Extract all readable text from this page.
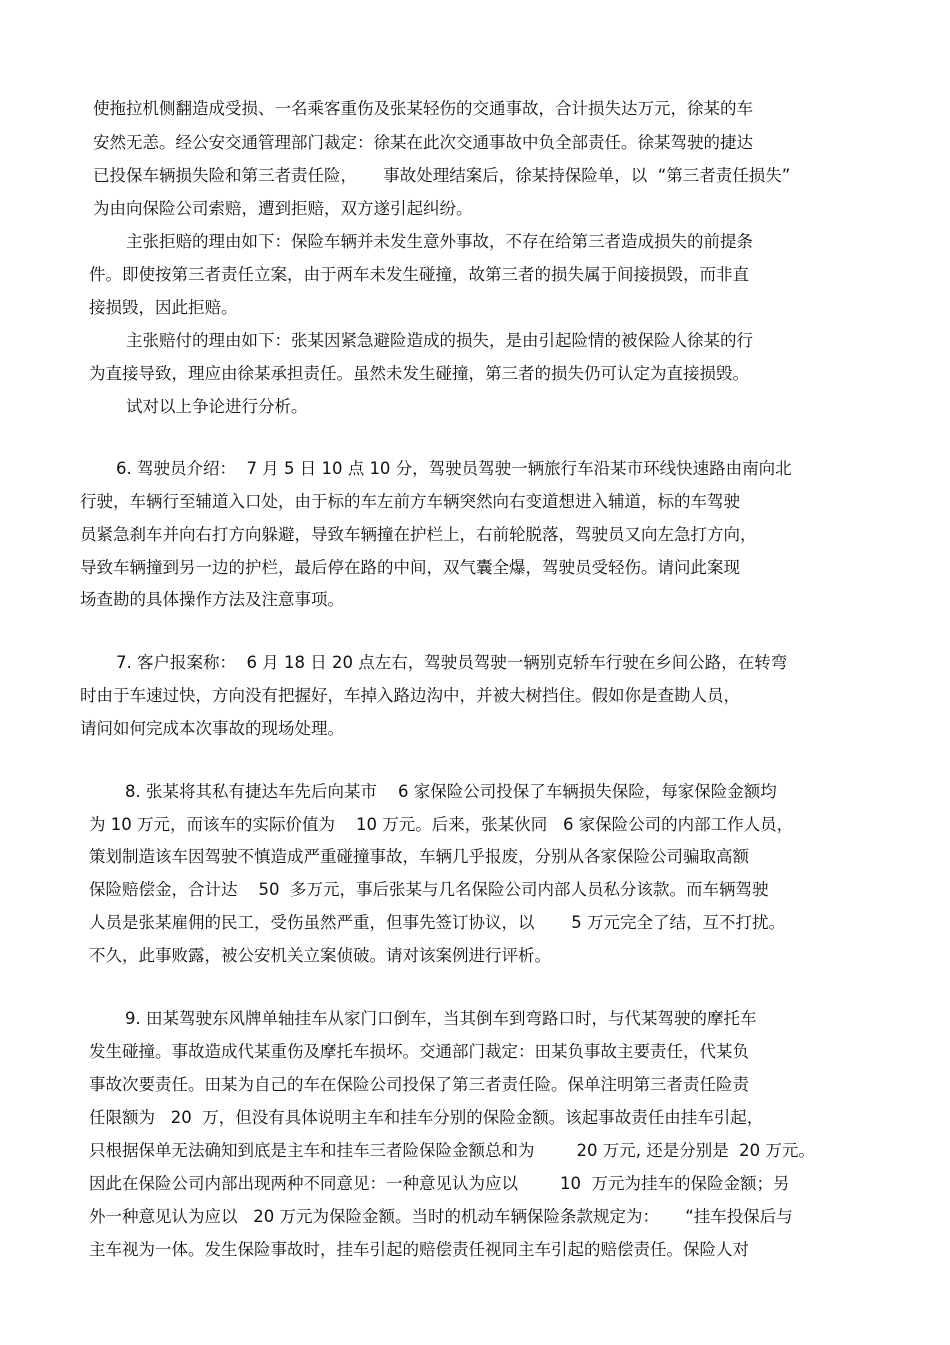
使拖拉机侧翻造成受损、一名乘客重伤及张某轻伤的交通事故，合计损失达万元，徐某的车
安然无恙。经公安交通管理部门裁定：徐某在此次交通事故中负全部责任。徐某驾驶的捷达
已投保车辆损失险和第三者责任险，     事故处理结案后，徐某持保险单，以  “第三者责任损失”
为由向保险公司索赔，遭到拒赔，双方遂引起纠纷。
主张拒赔的理由如下：保险车辆并未发生意外事故，不存在给第三者造成损失的前提条
件。即使按第三者责任立案，由于两车未发生碰撞，故第三者的损失属于间接损毁，而非直
接损毁，因此拒赔。
主张赔付的理由如下：张某因紧急避险造成的损失，是由引起险情的被保险人徐某的行
为直接导致，理应由徐某承担责任。虽然未发生碰撞，第三者的损失仍可认定为直接损毁。
试对以上争论进行分析。
6. 驾驶员介绍：  7 月 5 日 10 点 10 分，驾驶员驾驶一辆旅行车沿某市环线快速路由南向北
行驶，车辆行至辅道入口处，由于标的车左前方车辆突然向右变道想进入辅道，标的车驾驶
员紧急刹车并向右打方向躲避，导致车辆撞在护栏上，右前轮脱落，驾驶员又向左急打方向，
导致车辆撞到另一边的护栏，最后停在路的中间，双气囊全爆，驾驶员受轻伤。请问此案现
场查勘的具体操作方法及注意事项。
7. 客户报案称：  6 月 18 日 20 点左右，驾驶员驾驶一辆别克轿车行驶在乡间公路，在转弯
时由于车速过快，方向没有把握好，车掉入路边沟中，并被大树挡住。假如你是查勘人员，
请问如何完成本次事故的现场处理。
8. 张某将其私有捷达车先后向某市    6 家保险公司投保了车辆损失保险，每家保险金额均
为 10 万元，而该车的实际价值为    10 万元。后来，张某伙同   6 家保险公司的内部工作人员，
策划制造该车因驾驶不慎造成严重碰撞事故，车辆几乎报废，分别从各家保险公司骗取高额
保险赔偿金，合计达    50  多万元，事后张某与几名保险公司内部人员私分该款。而车辆驾驶
人员是张某雇佣的民工，受伤虽然严重，但事先签订协议，以       5 万元完全了结，互不打扰。
不久，此事败露，被公安机关立案侦破。请对该案例进行评析。
9. 田某驾驶东风牌单轴挂车从家门口倒车，当其倒车到弯路口时，与代某驾驶的摩托车
发生碰撞。事故造成代某重伤及摩托车损坏。交通部门裁定：田某负事故主要责任，代某负
事故次要责任。田某为自己的车在保险公司投保了第三者责任险。保单注明第三者责任险责
任限额为   20  万，但没有具体说明主车和挂车分别的保险金额。该起事故责任由挂车引起，
只根据保单无法确知到底是主车和挂车三者险保险金额总和为        20 万元, 还是分别是  20 万元。
因此在保险公司内部出现两种不同意见：一种意见认为应以        10  万元为挂车的保险金额；另
外一种意见认为应以   20 万元为保险金额。当时的机动车辆保险条款规定为：     “挂车投保后与
主车视为一体。发生保险事故时，挂车引起的赔偿责任视同主车引起的赔偿责任。保险人对
